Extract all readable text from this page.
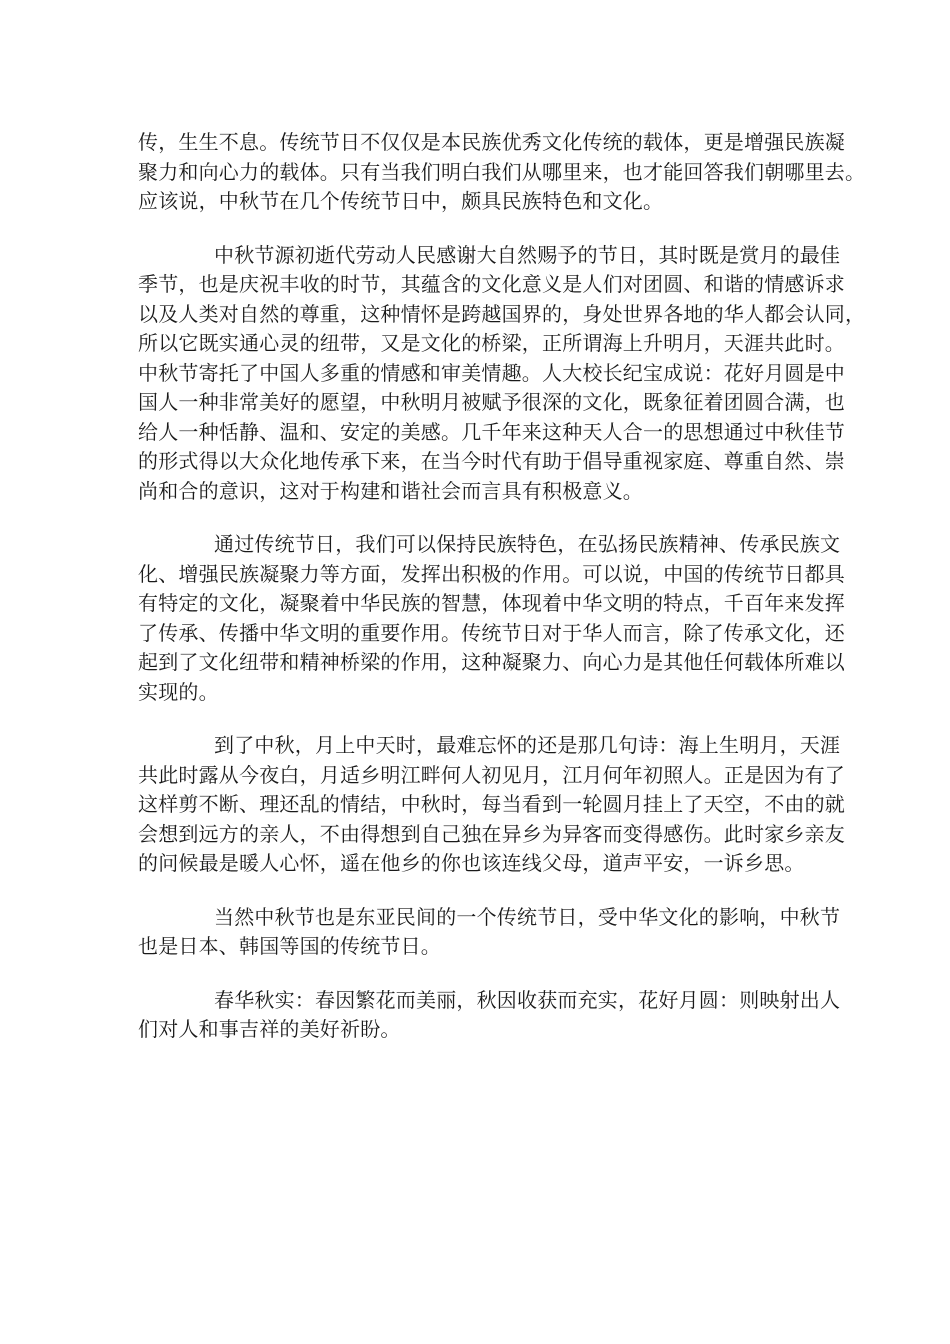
传，生生不息。传统节日不仅仅是本民族优秀文化传统的载体，更是增强民族凝
聚力和向心力的载体。只有当我们明白我们从哪里来，也才能回答我们朝哪里去。
应该说，中秋节在几个传统节日中，颇具民族特色和文化。

中秋节源初逝代劳动人民感谢大自然赐予的节日，其时既是赏月的最佳
季节，也是庆祝丰收的时节，其蕴含的文化意义是人们对团圆、和谐的情感诉求
以及人类对自然的尊重，这种情怀是跨越国界的，身处世界各地的华人都会认同，
所以它既实通心灵的纽带，又是文化的桥梁，正所谓海上升明月，天涯共此时。
中秋节寄托了中国人多重的情感和审美情趣。人大校长纪宝成说：花好月圆是中
国人一种非常美好的愿望，中秋明月被赋予很深的文化，既象征着团圆合满，也
给人一种恬静、温和、安定的美感。几千年来这种天人合一的思想通过中秋佳节
的形式得以大众化地传承下来，在当今时代有助于倡导重视家庭、尊重自然、崇
尚和合的意识，这对于构建和谐社会而言具有积极意义。

通过传统节日，我们可以保持民族特色，在弘扬民族精神、传承民族文
化、增强民族凝聚力等方面，发挥出积极的作用。可以说，中国的传统节日都具
有特定的文化，凝聚着中华民族的智慧，体现着中华文明的特点，千百年来发挥
了传承、传播中华文明的重要作用。传统节日对于华人而言，除了传承文化，还
起到了文化纽带和精神桥梁的作用，这种凝聚力、向心力是其他任何载体所难以
实现的。

到了中秋，月上中天时，最难忘怀的还是那几句诗：海上生明月，天涯
共此时露从今夜白，月适乡明江畔何人初见月，江月何年初照人。正是因为有了
这样剪不断、理还乱的情结，中秋时，每当看到一轮圆月挂上了天空，不由的就
会想到远方的亲人，不由得想到自己独在异乡为异客而变得感伤。此时家乡亲友
的问候最是暖人心怀，遥在他乡的你也该连线父母，道声平安，一诉乡思。

当然中秋节也是东亚民间的一个传统节日，受中华文化的影响，中秋节
也是日本、韩国等国的传统节日。

春华秋实：春因繁花而美丽，秋因收获而充实，花好月圆：则映射出人
们对人和事吉祥的美好祈盼。
